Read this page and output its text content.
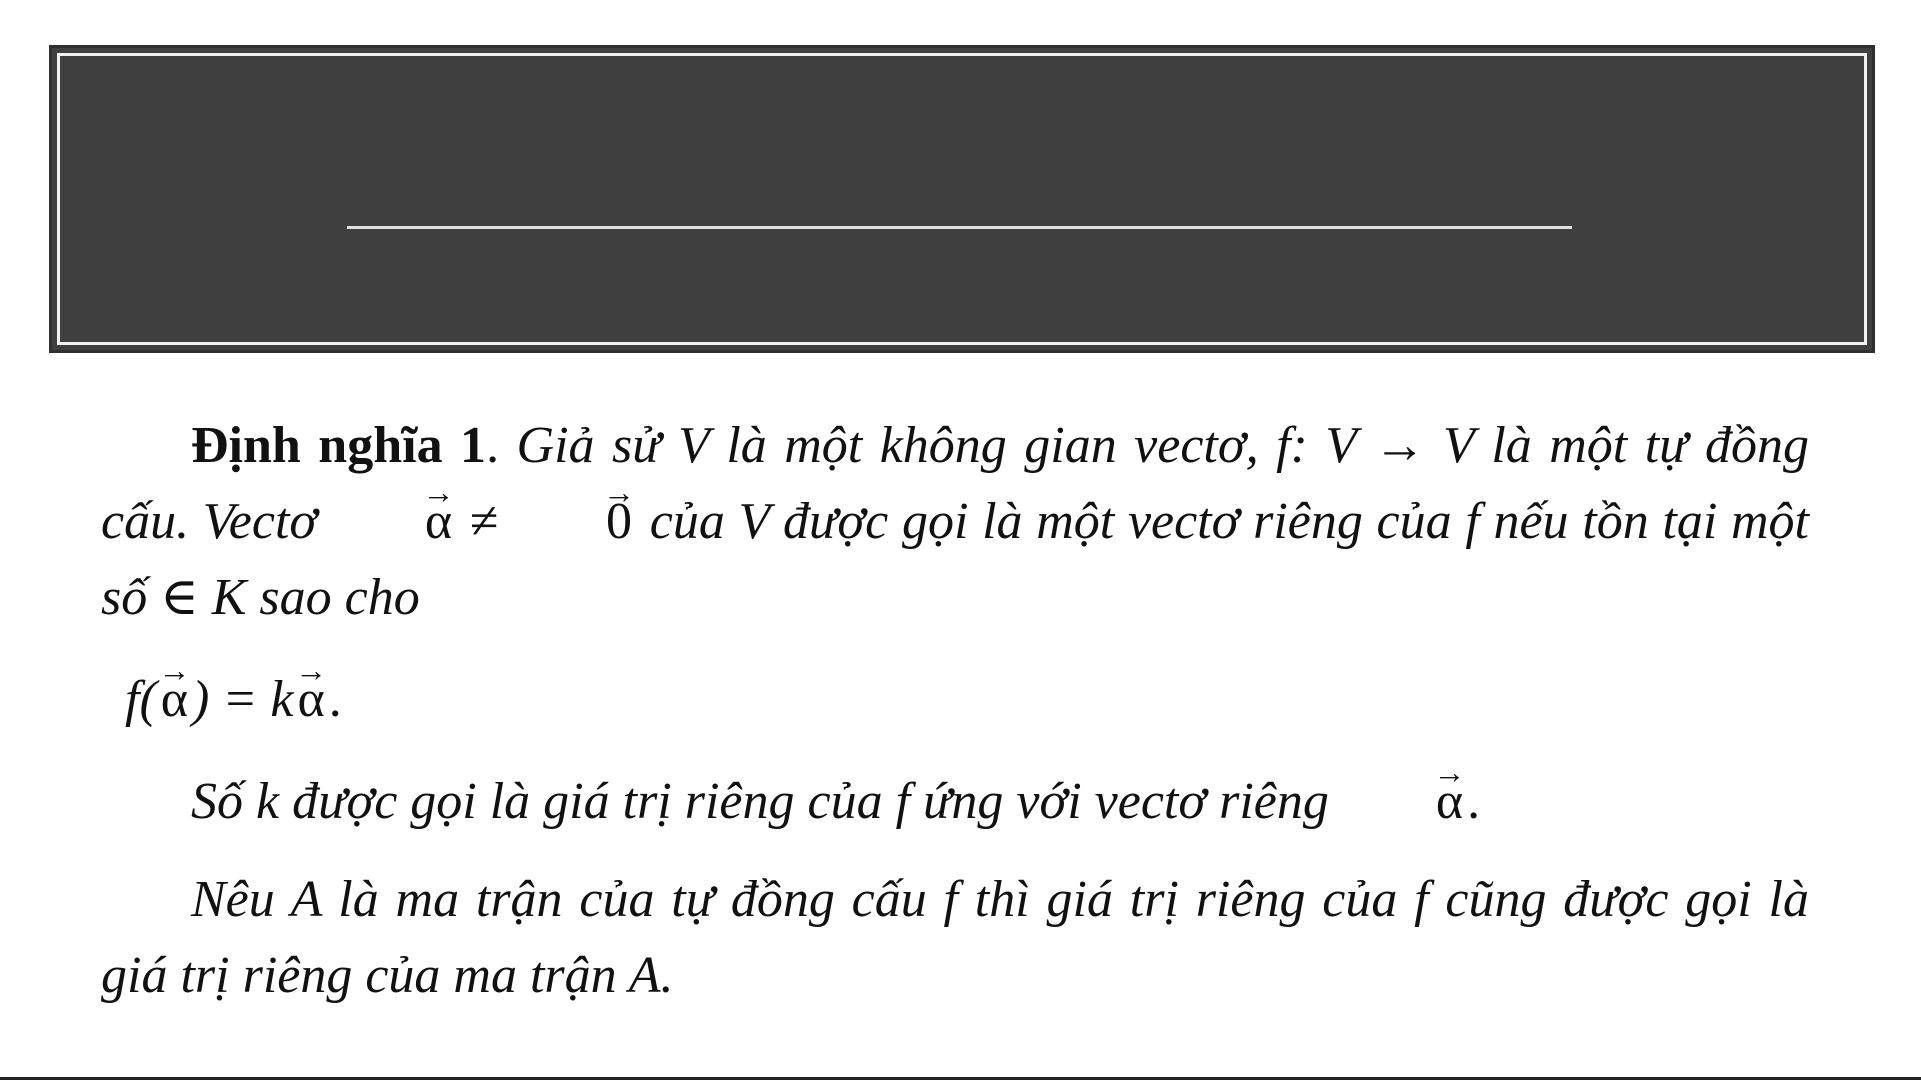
Định nghĩa 1. Giả sử V là một không gian vectơ, f: V → V là một tự đồng cấu. Vectơ → α ≠ → 0 của V được gọi là một vectơ riêng của f nếu tồn tại một số ∈ K sao cho

f(→ α) = k→ α.

Số k được gọi là giá trị riêng của f ứng với vectơ riêng → α.

Nêu A là ma trận của tự đồng cấu f thì giá trị riêng của f cũng được gọi là giá trị riêng của ma trận A.
